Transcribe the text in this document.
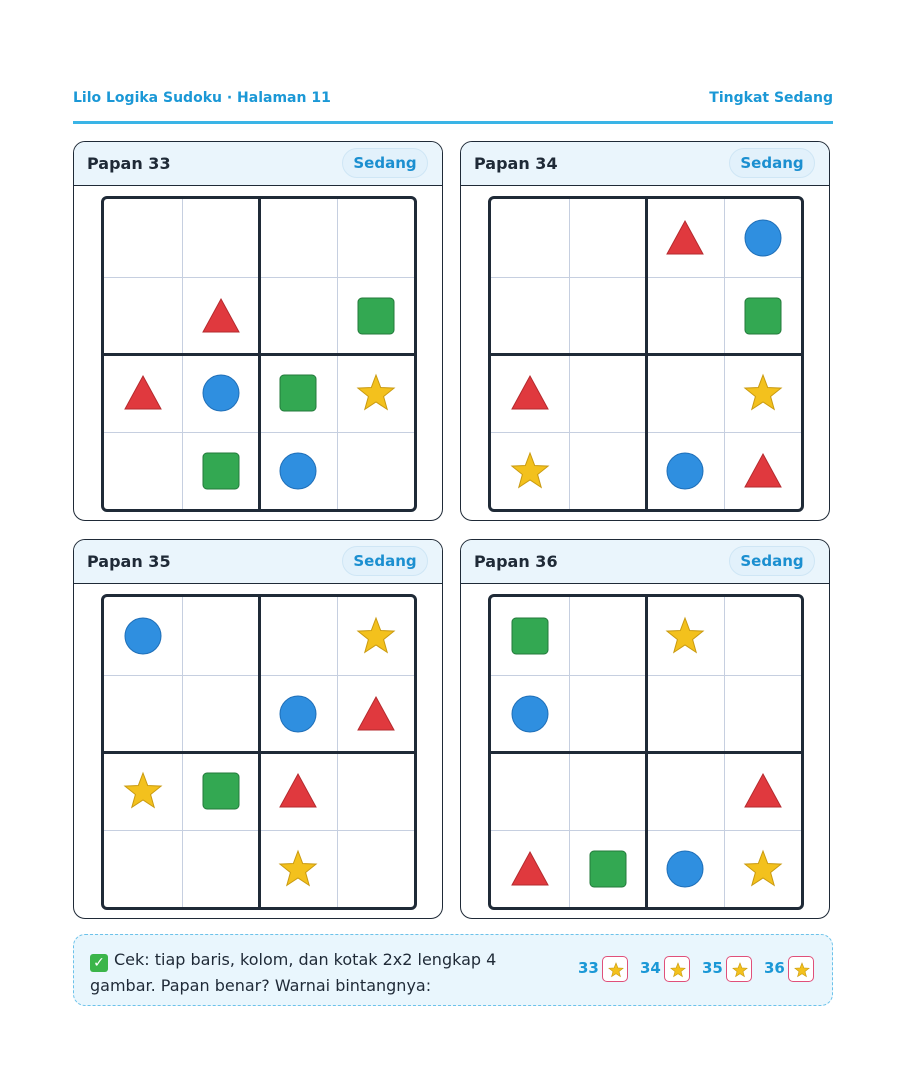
Lilo Logika Sudoku · Halaman 11	Tingkat Sedang
Papan 33	Sedang	Papan 34	Sedang
Papan 35	Sedang	Papan 36	Sedang
✓ Cek: tiap baris, kolom, dan kotak 2x2 lengkap 4 gambar. Papan benar? Warnai bintangnya:
33	34	35	36
